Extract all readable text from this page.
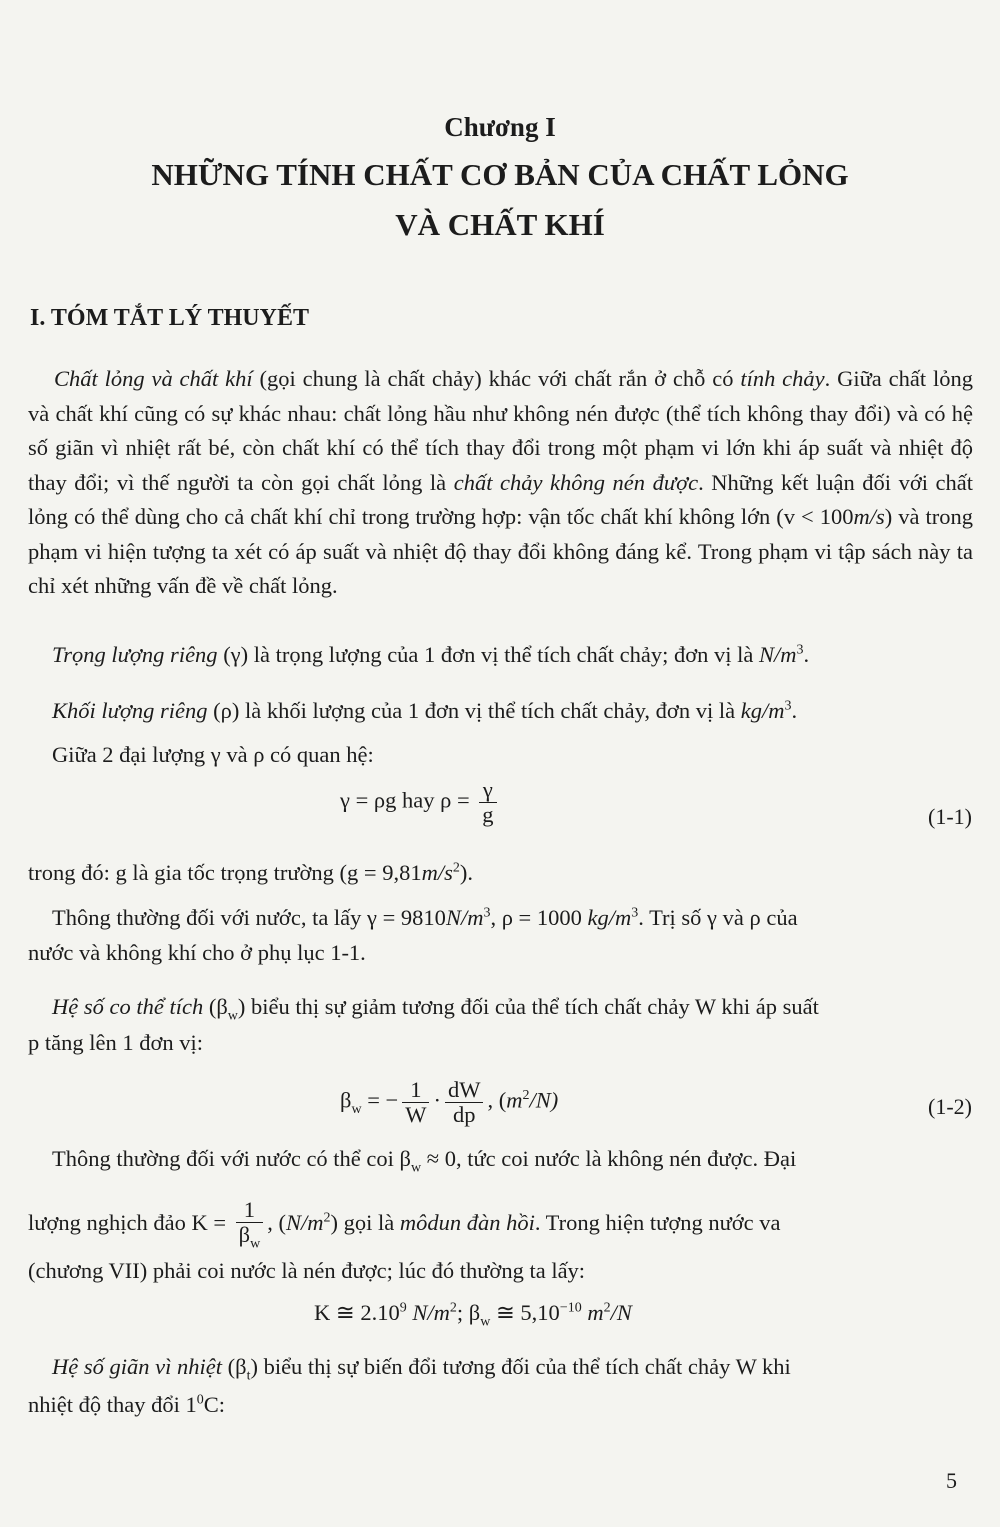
Chương I
NHỮNG TÍNH CHẤT CƠ BẢN CỦA CHẤT LỎNG
VÀ CHẤT KHÍ
I. TÓM TẮT LÝ THUYẾT
Chất lỏng và chất khí (gọi chung là chất chảy) khác với chất rắn ở chỗ có tính chảy. Giữa chất lỏng và chất khí cũng có sự khác nhau: chất lỏng hầu như không nén được (thể tích không thay đổi) và có hệ số giãn vì nhiệt rất bé, còn chất khí có thể tích thay đổi trong một phạm vi lớn khi áp suất và nhiệt độ thay đổi; vì thế người ta còn gọi chất lỏng là chất chảy không nén được. Những kết luận đối với chất lỏng có thể dùng cho cả chất khí chỉ trong trường hợp: vận tốc chất khí không lớn (v < 100m/s) và trong phạm vi hiện tượng ta xét có áp suất và nhiệt độ thay đổi không đáng kể. Trong phạm vi tập sách này ta chỉ xét những vấn đề về chất lỏng.
Trọng lượng riêng (γ) là trọng lượng của 1 đơn vị thể tích chất chảy; đơn vị là $N/m^3$.
Khối lượng riêng (ρ) là khối lượng của 1 đơn vị thể tích chất chảy, đơn vị là $kg/m^3$.
Giữa 2 đại lượng γ và ρ có quan hệ:
γ = ρg hay $\rho = \frac{\gamma}{g}$	(1-1)
trong đó: g là gia tốc trọng trường $(g = 9,81m/s^2)$.
Thông thường đối với nước, ta lấy $\gamma = 9810N/m^3$, ρ = 1000 $kg/m^3$. Trị số γ và ρ của
nước và không khí cho ở phụ lục 1-1.
Hệ số co thể tích $(\beta_w)$ biểu thị sự giảm tương đối của thể tích chất chảy W khi áp suất
p tăng lên 1 đơn vị:
$\beta_w$ = − $\frac{1}{W} \cdot \frac{dW}{dp}$ , $(m^2/N)$	(1-2)
Thông thường đối với nước có thể coi $\beta_w \approx 0$, tức coi nước là không nén được. Đại
lượng nghịch đảo $K = \frac{1}{\beta_w}$ , $(N/m^2)$ gọi là môdun đàn hồi. Trong hiện tượng nước va
(chương VII) phải coi nước là nén được; lúc đó thường ta lấy:
K ≅ 2.10$^9$ $N/m^2$; $\beta_w$ ≅ $5,10^{-10}$ $m^2/N$
Hệ số giãn vì nhiệt $(\beta_t)$ biểu thị sự biến đổi tương đối của thể tích chất chảy W khi
nhiệt độ thay đổi $1^0C$:
5
